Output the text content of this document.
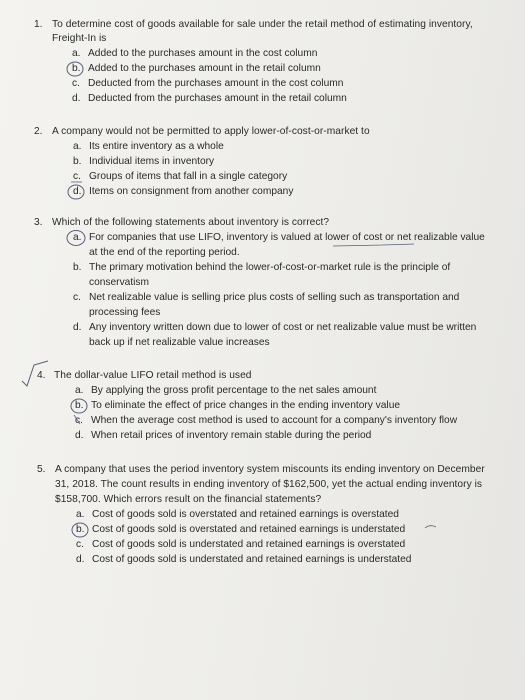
1. To determine cost of goods available for sale under the retail method of estimating inventory,
Freight-In is
a. Added to the purchases amount in the cost column
b. Added to the purchases amount in the retail column
c. Deducted from the purchases amount in the cost column
d. Deducted from the purchases amount in the retail column
2. A company would not be permitted to apply lower-of-cost-or-market to
a. Its entire inventory as a whole
b. Individual items in inventory
c. Groups of items that fall in a single category
d. Items on consignment from another company
3. Which of the following statements about inventory is correct?
a. For companies that use LIFO, inventory is valued at lower of cost or net realizable value
at the end of the reporting period.
b. The primary motivation behind the lower-of-cost-or-market rule is the principle of
conservatism
c. Net realizable value is selling price plus costs of selling such as transportation and
processing fees
d. Any inventory written down due to lower of cost or net realizable value must be written
back up if net realizable value increases
4. The dollar-value LIFO retail method is used
a. By applying the gross profit percentage to the net sales amount
b. To eliminate the effect of price changes in the ending inventory value
c. When the average cost method is used to account for a company's inventory flow
d. When retail prices of inventory remain stable during the period
5. A company that uses the period inventory system miscounts its ending inventory on December
31, 2018. The count results in ending inventory of $162,500, yet the actual ending inventory is
$158,700. Which errors result on the financial statements?
a. Cost of goods sold is overstated and retained earnings is overstated
b. Cost of goods sold is overstated and retained earnings is understated
c. Cost of goods sold is understated and retained earnings is overstated
d. Cost of goods sold is understated and retained earnings is understated
